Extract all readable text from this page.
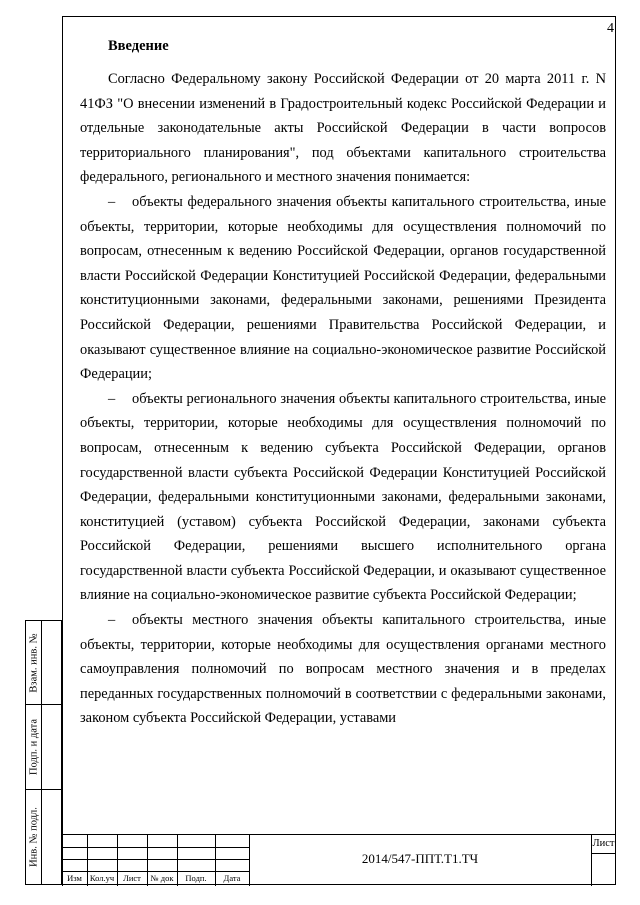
4

Введение

Согласно Федеральному закону Российской Федерации от 20 марта 2011 г. N 41ФЗ "О внесении изменений в Градостроительный кодекс Российской Федерации и отдельные законодательные акты Российской Федерации в части вопросов территориального планирования", под объектами капитального строительства федерального, регионального и местного значения понимается:

– объекты федерального значения объекты капитального строительства, иные объекты, территории, которые необходимы для осуществления полномочий по вопросам, отнесенным к ведению Российской Федерации, органов государственной власти Российской Федерации Конституцией Российской Федерации, федеральными конституционными законами, федеральными законами, решениями Президента Российской Федерации, решениями Правительства Российской Федерации, и оказывают существенное влияние на социально-экономическое развитие Российской Федерации;

– объекты регионального значения объекты капитального строительства, иные объекты, территории, которые необходимы для осуществления полномочий по вопросам, отнесенным к ведению субъекта Российской Федерации, органов государственной власти субъекта Российской Федерации Конституцией Российской Федерации, федеральными конституционными законами, федеральными законами, конституцией (уставом) субъекта Российской Федерации, законами субъекта Российской Федерации, решениями высшего исполнительного органа государственной власти субъекта Российской Федерации, и оказывают существенное влияние на социально-экономическое развитие субъекта Российской Федерации;

– объекты местного значения объекты капитального строительства, иные объекты, территории, которые необходимы для осуществления органами местного самоуправления полномочий по вопросам местного значения и в пределах переданных государственных полномочий в соответствии с федеральными законами, законом субъекта Российской Федерации, уставами

Взам. инв. №
Подп. и дата
Инв. № подл.
Изм Кол.уч	Лист	№ док	Подп.	Дата
2014/547-ППТ.Т1.ТЧ
Лист
